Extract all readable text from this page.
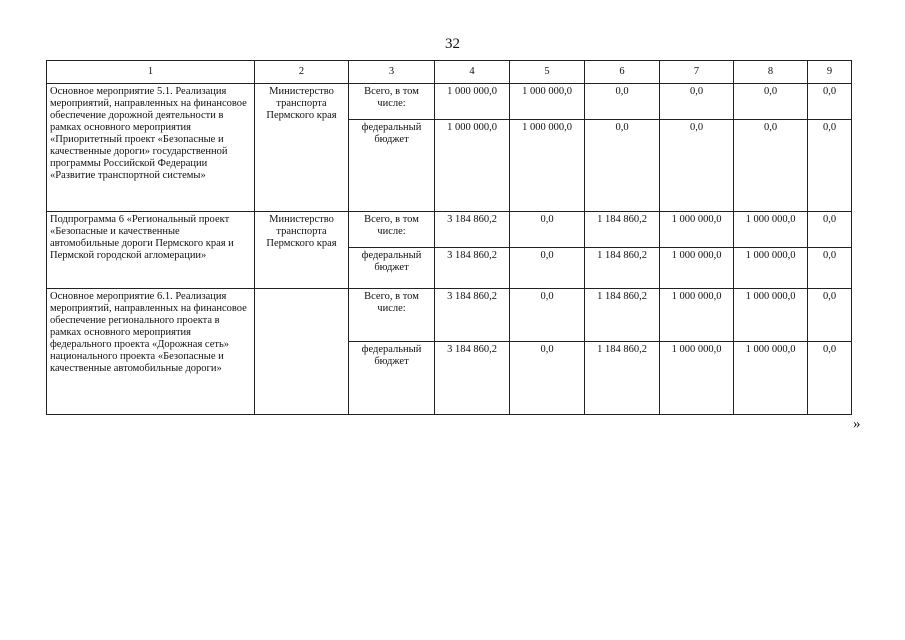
32
1	2	3	4	5	6	7	8	9
Основное мероприятие 5.1. Реализация мероприятий, направленных на финансовое обеспечение дорожной деятельности в рамках основного мероприятия «Приоритетный проект «Безопасные и качественные дороги» государственной программы Российской Федерации «Развитие транспортной системы»	Министерство транспорта Пермского края	Всего, в том числе:	1 000 000,0	1 000 000,0	0,0	0,0	0,0	0,0
		федеральный бюджет	1 000 000,0	1 000 000,0	0,0	0,0	0,0	0,0
Подпрограмма 6 «Региональный проект «Безопасные и качественные автомобильные дороги Пермского края и Пермской городской агломерации»	Министерство транспорта Пермского края	Всего, в том числе:	3 184 860,2	0,0	1 184 860,2	1 000 000,0	1 000 000,0	0,0
		федеральный бюджет	3 184 860,2	0,0	1 184 860,2	1 000 000,0	1 000 000,0	0,0
Основное мероприятие 6.1. Реализация мероприятий, направленных на финансовое обеспечение регионального проекта в рамках основного мероприятия федерального проекта «Дорожная сеть» национального проекта «Безопасные и качественные автомобильные дороги»		Всего, в том числе:	3 184 860,2	0,0	1 184 860,2	1 000 000,0	1 000 000,0	0,0
		федеральный бюджет	3 184 860,2	0,0	1 184 860,2	1 000 000,0	1 000 000,0	0,0
»
